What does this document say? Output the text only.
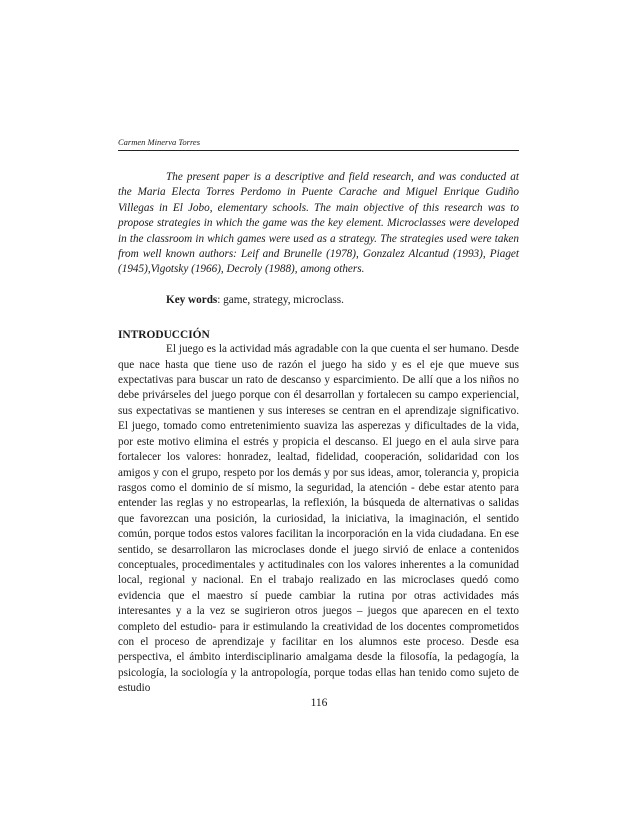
Carmen Minerva Torres

The present paper is a descriptive and field research, and was conducted at the Maria Electa Torres Perdomo in Puente Carache and Miguel Enrique Gudiño Villegas in El Jobo, elementary schools. The main objective of this research was to propose strategies in which the game was the key element. Microclasses were developed in the classroom in which games were used as a strategy. The strategies used were taken from well known authors: Leif and Brunelle (1978), Gonzalez Alcantud (1993), Piaget (1945),Vigotsky (1966), Decroly (1988), among others.

Key words: game, strategy, microclass.

INTRODUCCIÓN

El juego es la actividad más agradable con la que cuenta el ser humano. Desde que nace hasta que tiene uso de razón el juego ha sido y es el eje que mueve sus expectativas para buscar un rato de descanso y esparcimiento. De allí que a los niños no debe privárseles del juego porque con él desarrollan y fortalecen su campo experiencial, sus expectativas se mantienen y sus intereses se centran en el aprendizaje significativo. El juego, tomado como entretenimiento suaviza las asperezas y dificultades de la vida, por este motivo elimina el estrés y propicia el descanso. El juego en el aula sirve para fortalecer los valores: honradez, lealtad, fidelidad, cooperación, solidaridad con los amigos y con el grupo, respeto por los demás y por sus ideas, amor, tolerancia y, propicia rasgos como el dominio de sí mismo, la seguridad, la atención - debe estar atento para entender las reglas y no estropearlas, la reflexión, la búsqueda de alternativas o salidas que favorezcan una posición, la curiosidad, la iniciativa, la imaginación, el sentido común, porque todos estos valores facilitan la incorporación en la vida ciudadana. En ese sentido, se desarrollaron las microclases donde el juego sirvió de enlace a contenidos conceptuales, procedimentales y actitudinales con los valores inherentes a la comunidad local, regional y nacional. En el trabajo realizado en las microclases quedó como evidencia que el maestro sí puede cambiar la rutina por otras actividades más interesantes y a la vez se sugirieron otros juegos – juegos que aparecen en el texto completo del estudio- para ir estimulando la creatividad de los docentes comprometidos con el proceso de aprendizaje y facilitar en los alumnos este proceso. Desde esa perspectiva, el ámbito interdisciplinario amalgama desde la filosofía, la pedagogía, la psicología, la sociología y la antropología, porque todas ellas han tenido como sujeto de estudio

116
